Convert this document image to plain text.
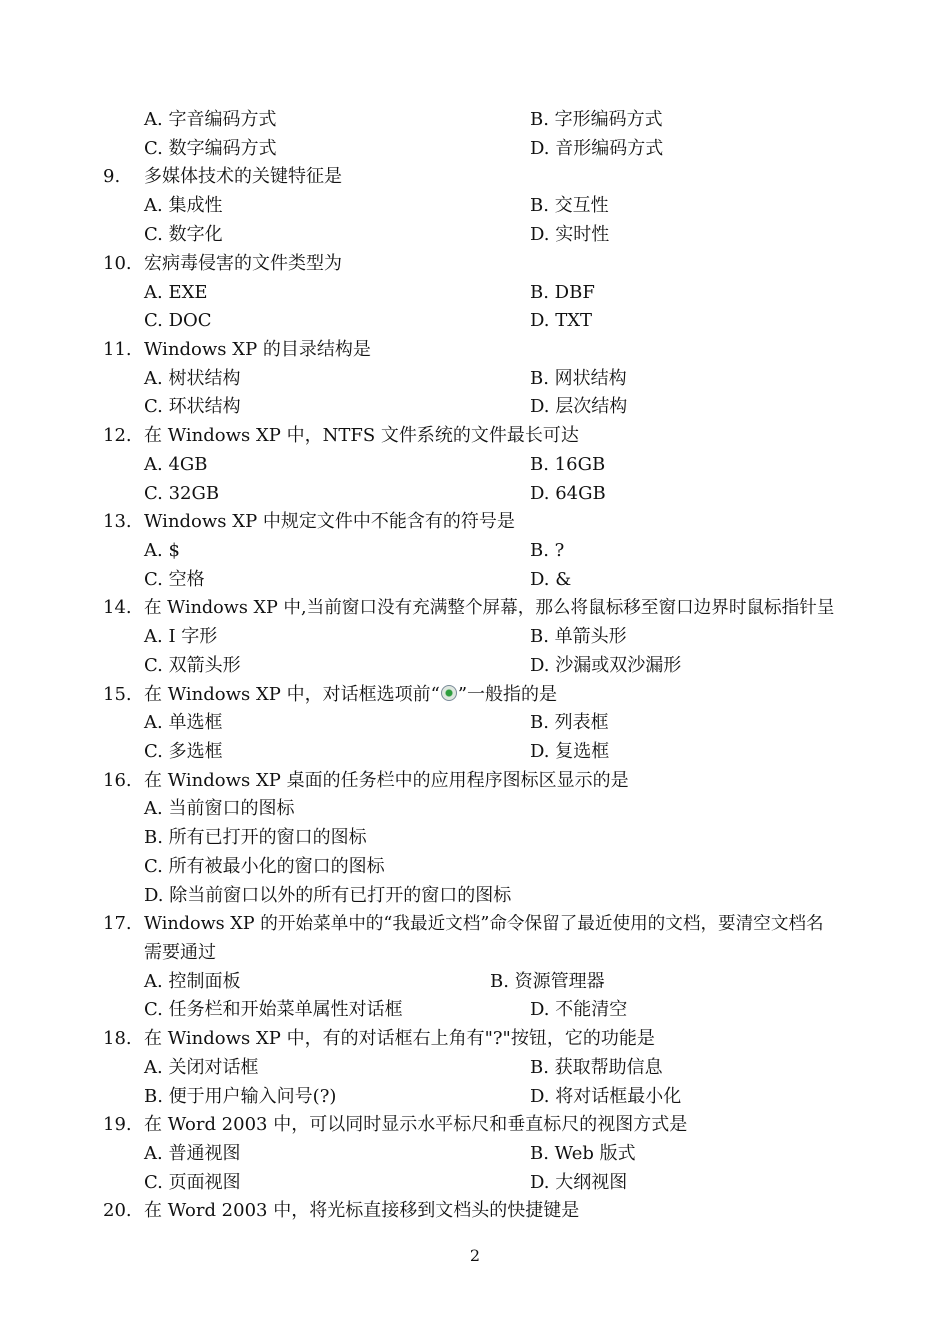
A. 字音编码方式	B. 字形编码方式
C. 数字编码方式	D. 音形编码方式
9. 多媒体技术的关键特征是
A. 集成性	B. 交互性
C. 数字化	D. 实时性
10. 宏病毒侵害的文件类型为
A. EXE	B. DBF
C. DOC	D. TXT
11. Windows XP 的目录结构是
A. 树状结构	B. 网状结构
C. 环状结构	D. 层次结构
12. 在 Windows XP 中，NTFS 文件系统的文件最长可达
A. 4GB	B. 16GB
C. 32GB	D. 64GB
13. Windows XP 中规定文件中不能含有的符号是
A. $	B. ?
C. 空格	D. &
14. 在 Windows XP 中,当前窗口没有充满整个屏幕，那么将鼠标移至窗口边界时鼠标指针呈
A. I 字形	B. 单箭头形
C. 双箭头形	D. 沙漏或双沙漏形
15. 在 Windows XP 中，对话框选项前“ ”一般指的是
A. 单选框	B. 列表框
C. 多选框	D. 复选框
16. 在 Windows XP 桌面的任务栏中的应用程序图标区显示的是
A. 当前窗口的图标
B. 所有已打开的窗口的图标
C. 所有被最小化的窗口的图标
D. 除当前窗口以外的所有已打开的窗口的图标
17. Windows XP 的开始菜单中的“我最近文档”命令保留了最近使用的文档，要清空文档名
需要通过
A. 控制面板	B. 资源管理器
C. 任务栏和开始菜单属性对话框	D. 不能清空
18. 在 Windows XP 中，有的对话框右上角有"?"按钮，它的功能是
A. 关闭对话框	B. 获取帮助信息
B. 便于用户输入问号(?)	D. 将对话框最小化
19. 在 Word 2003 中，可以同时显示水平标尺和垂直标尺的视图方式是
A. 普通视图	B. Web 版式
C. 页面视图	D. 大纲视图
20. 在 Word 2003 中，将光标直接移到文档头的快捷键是
2
